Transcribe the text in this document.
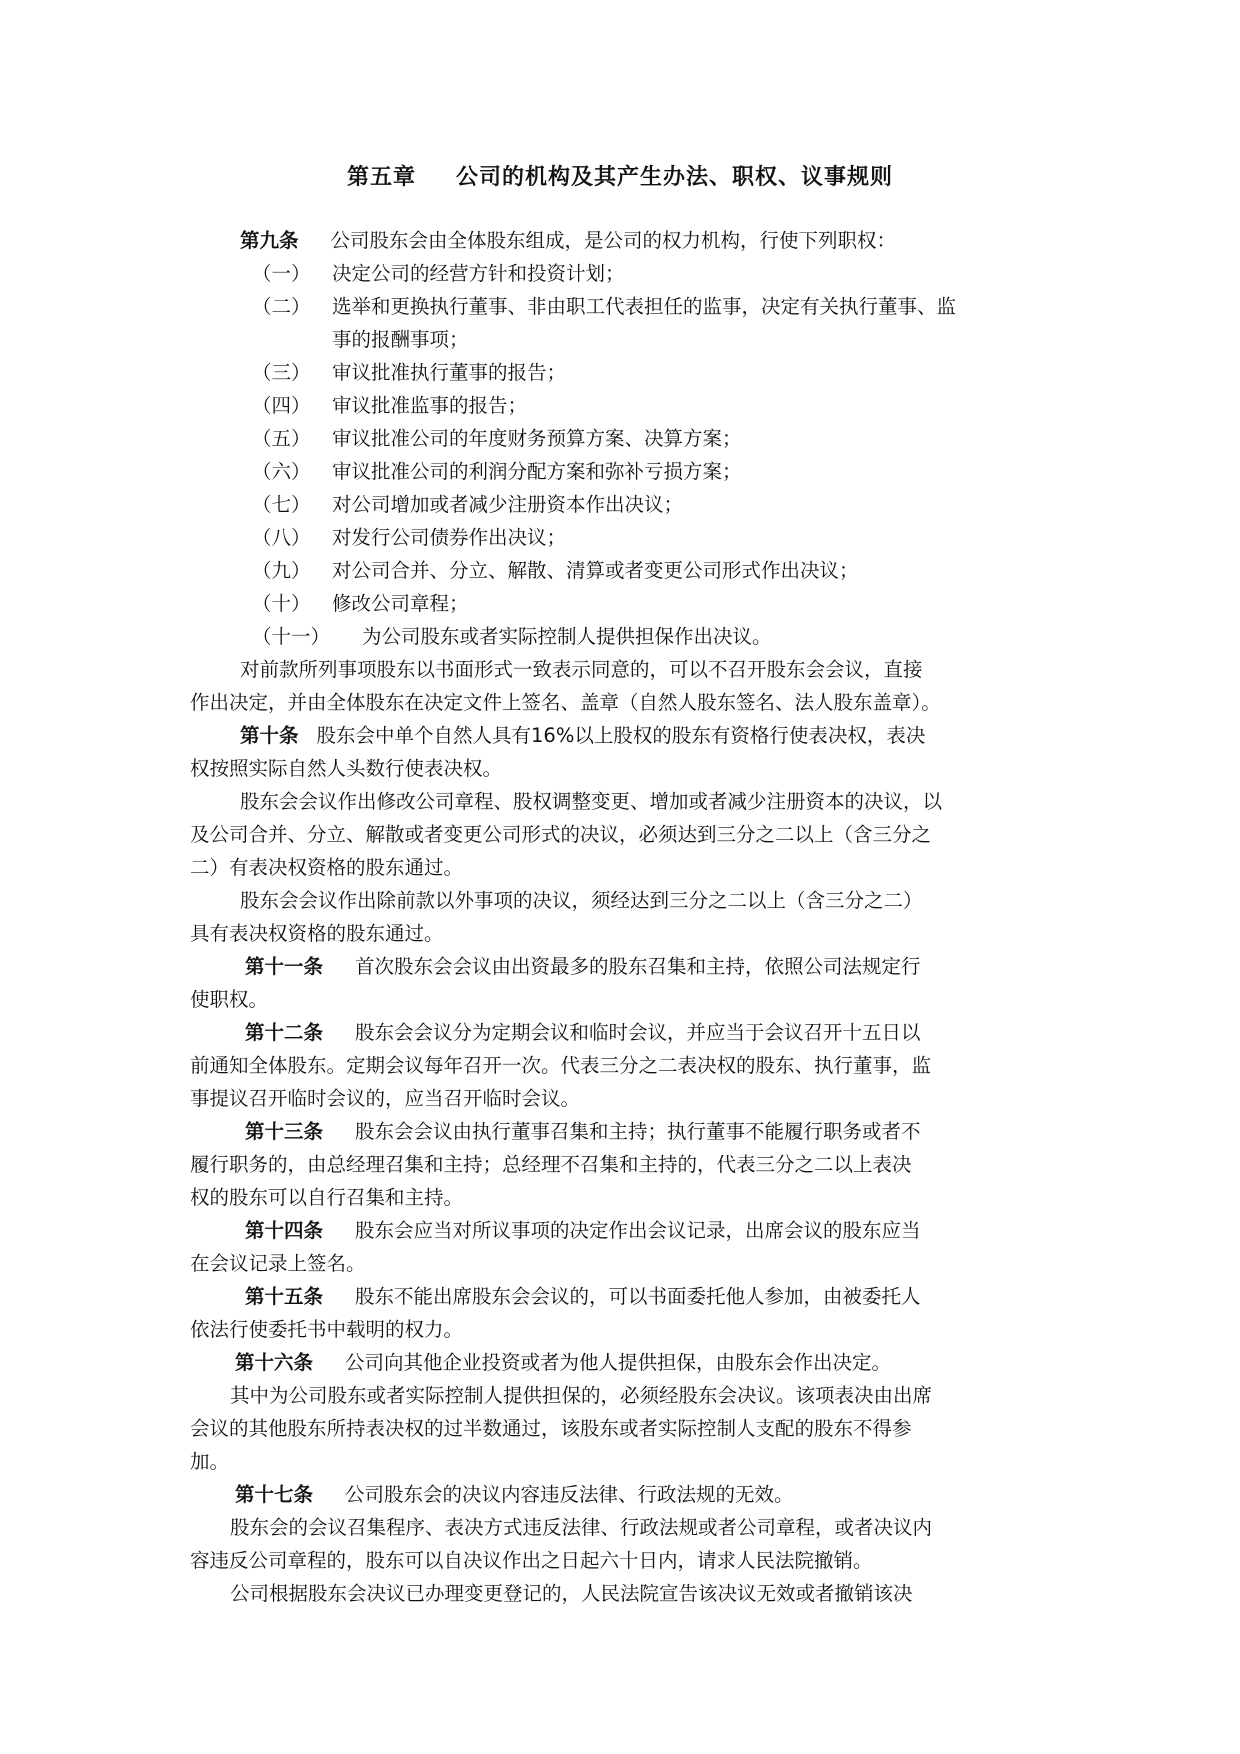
第五章 公司的机构及其产生办法、职权、议事规则
第九条 公司股东会由全体股东组成，是公司的权力机构，行使下列职权：
（一） 决定公司的经营方针和投资计划；
（二） 选举和更换执行董事、非由职工代表担任的监事，决定有关执行董事、监
事的报酬事项；
（三） 审议批准执行董事的报告；
（四） 审议批准监事的报告；
（五） 审议批准公司的年度财务预算方案、决算方案；
（六） 审议批准公司的利润分配方案和弥补亏损方案；
（七） 对公司增加或者减少注册资本作出决议；
（八） 对发行公司债券作出决议；
（九） 对公司合并、分立、解散、清算或者变更公司形式作出决议；
（十） 修改公司章程；
（十一） 为公司股东或者实际控制人提供担保作出决议。
对前款所列事项股东以书面形式一致表示同意的，可以不召开股东会会议，直接
作出决定，并由全体股东在决定文件上签名、盖章（自然人股东签名、法人股东盖章）。
第十条 股东会中单个自然人具有16%以上股权的股东有资格行使表决权，表决
权按照实际自然人头数行使表决权。
股东会会议作出修改公司章程、股权调整变更、增加或者减少注册资本的决议，以
及公司合并、分立、解散或者变更公司形式的决议，必须达到三分之二以上（含三分之
二）有表决权资格的股东通过。
股东会会议作出除前款以外事项的决议，须经达到三分之二以上（含三分之二）
具有表决权资格的股东通过。
第十一条 首次股东会会议由出资最多的股东召集和主持，依照公司法规定行
使职权。
第十二条 股东会会议分为定期会议和临时会议，并应当于会议召开十五日以
前通知全体股东。定期会议每年召开一次。代表三分之二表决权的股东、执行董事，监
事提议召开临时会议的，应当召开临时会议。
第十三条 股东会会议由执行董事召集和主持；执行董事不能履行职务或者不
履行职务的，由总经理召集和主持；总经理不召集和主持的，代表三分之二以上表决
权的股东可以自行召集和主持。
第十四条 股东会应当对所议事项的决定作出会议记录，出席会议的股东应当
在会议记录上签名。
第十五条 股东不能出席股东会会议的，可以书面委托他人参加，由被委托人
依法行使委托书中载明的权力。
第十六条 公司向其他企业投资或者为他人提供担保，由股东会作出决定。
其中为公司股东或者实际控制人提供担保的，必须经股东会决议。该项表决由出席
会议的其他股东所持表决权的过半数通过，该股东或者实际控制人支配的股东不得参
加。
第十七条 公司股东会的决议内容违反法律、行政法规的无效。
股东会的会议召集程序、表决方式违反法律、行政法规或者公司章程，或者决议内
容违反公司章程的，股东可以自决议作出之日起六十日内，请求人民法院撤销。
公司根据股东会决议已办理变更登记的，人民法院宣告该决议无效或者撤销该决
